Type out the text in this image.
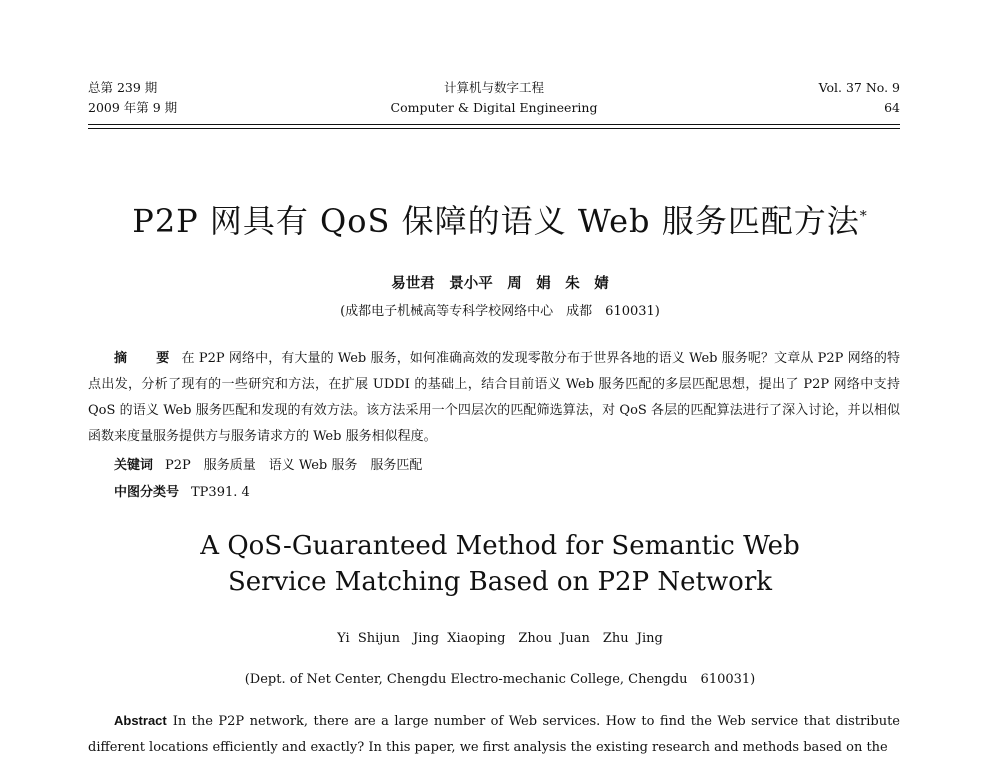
总第 239 期
2009 年第 9 期
计算机与数字工程
Computer & Digital Engineering
Vol. 37 No. 9
64
P2P 网具有 QoS 保障的语义 Web 服务匹配方法*
易世君　景小平　周　娟　朱　婧
(成都电子机械高等专科学校网络中心　成都　610031)

摘　要 在 P2P 网络中，有大量的 Web 服务，如何准确高效的发现零散分布于世界各地的语义 Web 服务呢？文章从 P2P 网络的特点出发，分析了现有的一些研究和方法，在扩展 UDDI 的基础上，结合目前语义 Web 服务匹配的多层匹配思想，提出了 P2P 网络中支持 QoS 的语义 Web 服务匹配和发现的有效方法。该方法采用一个四层次的匹配筛选算法，对 QoS 各层的匹配算法进行了深入讨论，并以相似函数来度量服务提供方与服务请求方的 Web 服务相似程度。

关键词 P2P　服务质量　语义 Web 服务　服务匹配
中图分类号 TP391. 4
A QoS-Guaranteed Method for Semantic Web
Service Matching Based on P2P Network
Yi Shijun　Jing Xiaoping　Zhou Juan　Zhu Jing
(Dept. of Net Center, Chengdu Electro-mechanic College, Chengdu　610031)

Abstract In the P2P network, there are a large number of Web services. How to find the Web service that distribute different locations efficiently and exactly? In this paper, we first analysis the existing research and methods based on the
